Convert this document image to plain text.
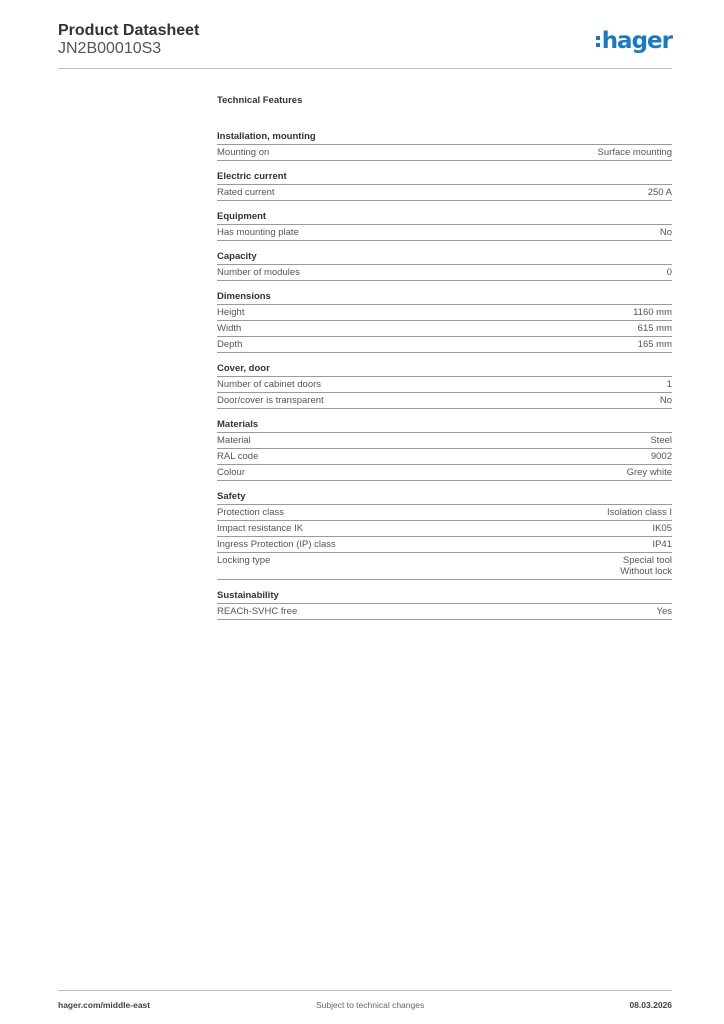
Product Datasheet
JN2B00010S3	hager
Technical Features
Installation, mounting
Mounting on	Surface mounting
Electric current
Rated current	250 A
Equipment
Has mounting plate	No
Capacity
Number of modules	0
Dimensions
Height	1160 mm
Width	615 mm
Depth	165 mm
Cover, door
Number of cabinet doors	1
Door/cover is transparent	No
Materials
Material	Steel
RAL code	9002
Colour	Grey white
Safety
Protection class	Isolation class I
Impact resistance IK	IK05
Ingress Protection (IP) class	IP41
Locking type	Special tool
Without lock
Sustainability
REACh-SVHC free	Yes
hager.com/middle-east	Subject to technical changes	08.03.2026
